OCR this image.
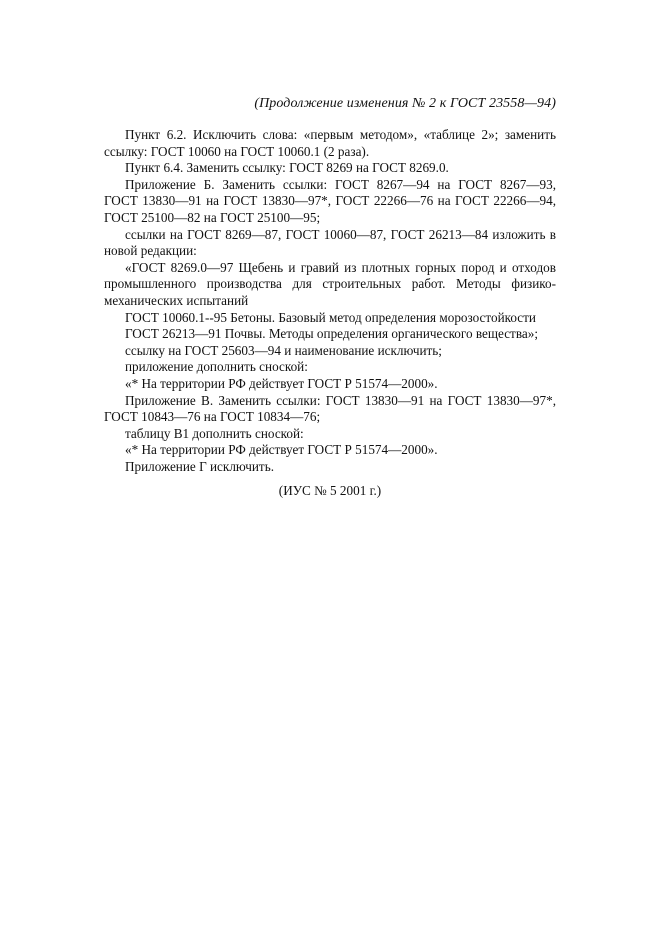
(Продолжение изменения № 2 к ГОСТ 23558—94)

Пункт 6.2. Исключить слова: «первым методом», «таблице 2»; заменить ссылку: ГОСТ 10060 на ГОСТ 10060.1 (2 раза).

Пункт 6.4. Заменить ссылку: ГОСТ 8269 на ГОСТ 8269.0.

Приложение Б. Заменить ссылки: ГОСТ 8267—94 на ГОСТ 8267—93, ГОСТ 13830—91 на ГОСТ 13830—97*, ГОСТ 22266—76 на ГОСТ 22266—94, ГОСТ 25100—82 на ГОСТ 25100—95;

ссылки на ГОСТ 8269—87, ГОСТ 10060—87, ГОСТ 26213—84 изложить в новой редакции:

«ГОСТ 8269.0—97 Щебень и гравий из плотных горных пород и отходов промышленного производства для строительных работ. Методы физико-механических испытаний

ГОСТ 10060.1--95 Бетоны. Базовый метод определения морозостойкости

ГОСТ 26213—91 Почвы. Методы определения органического вещества»;

ссылку на ГОСТ 25603—94 и наименование исключить;

приложение дополнить сноской:

«* На территории РФ действует ГОСТ Р 51574—2000».

Приложение В. Заменить ссылки: ГОСТ 13830—91 на ГОСТ 13830—97*, ГОСТ 10843—76 на ГОСТ 10834—76;

таблицу В1 дополнить сноской:

«* На территории РФ действует ГОСТ Р 51574—2000».

Приложение Г исключить.

(ИУС № 5 2001 г.)
